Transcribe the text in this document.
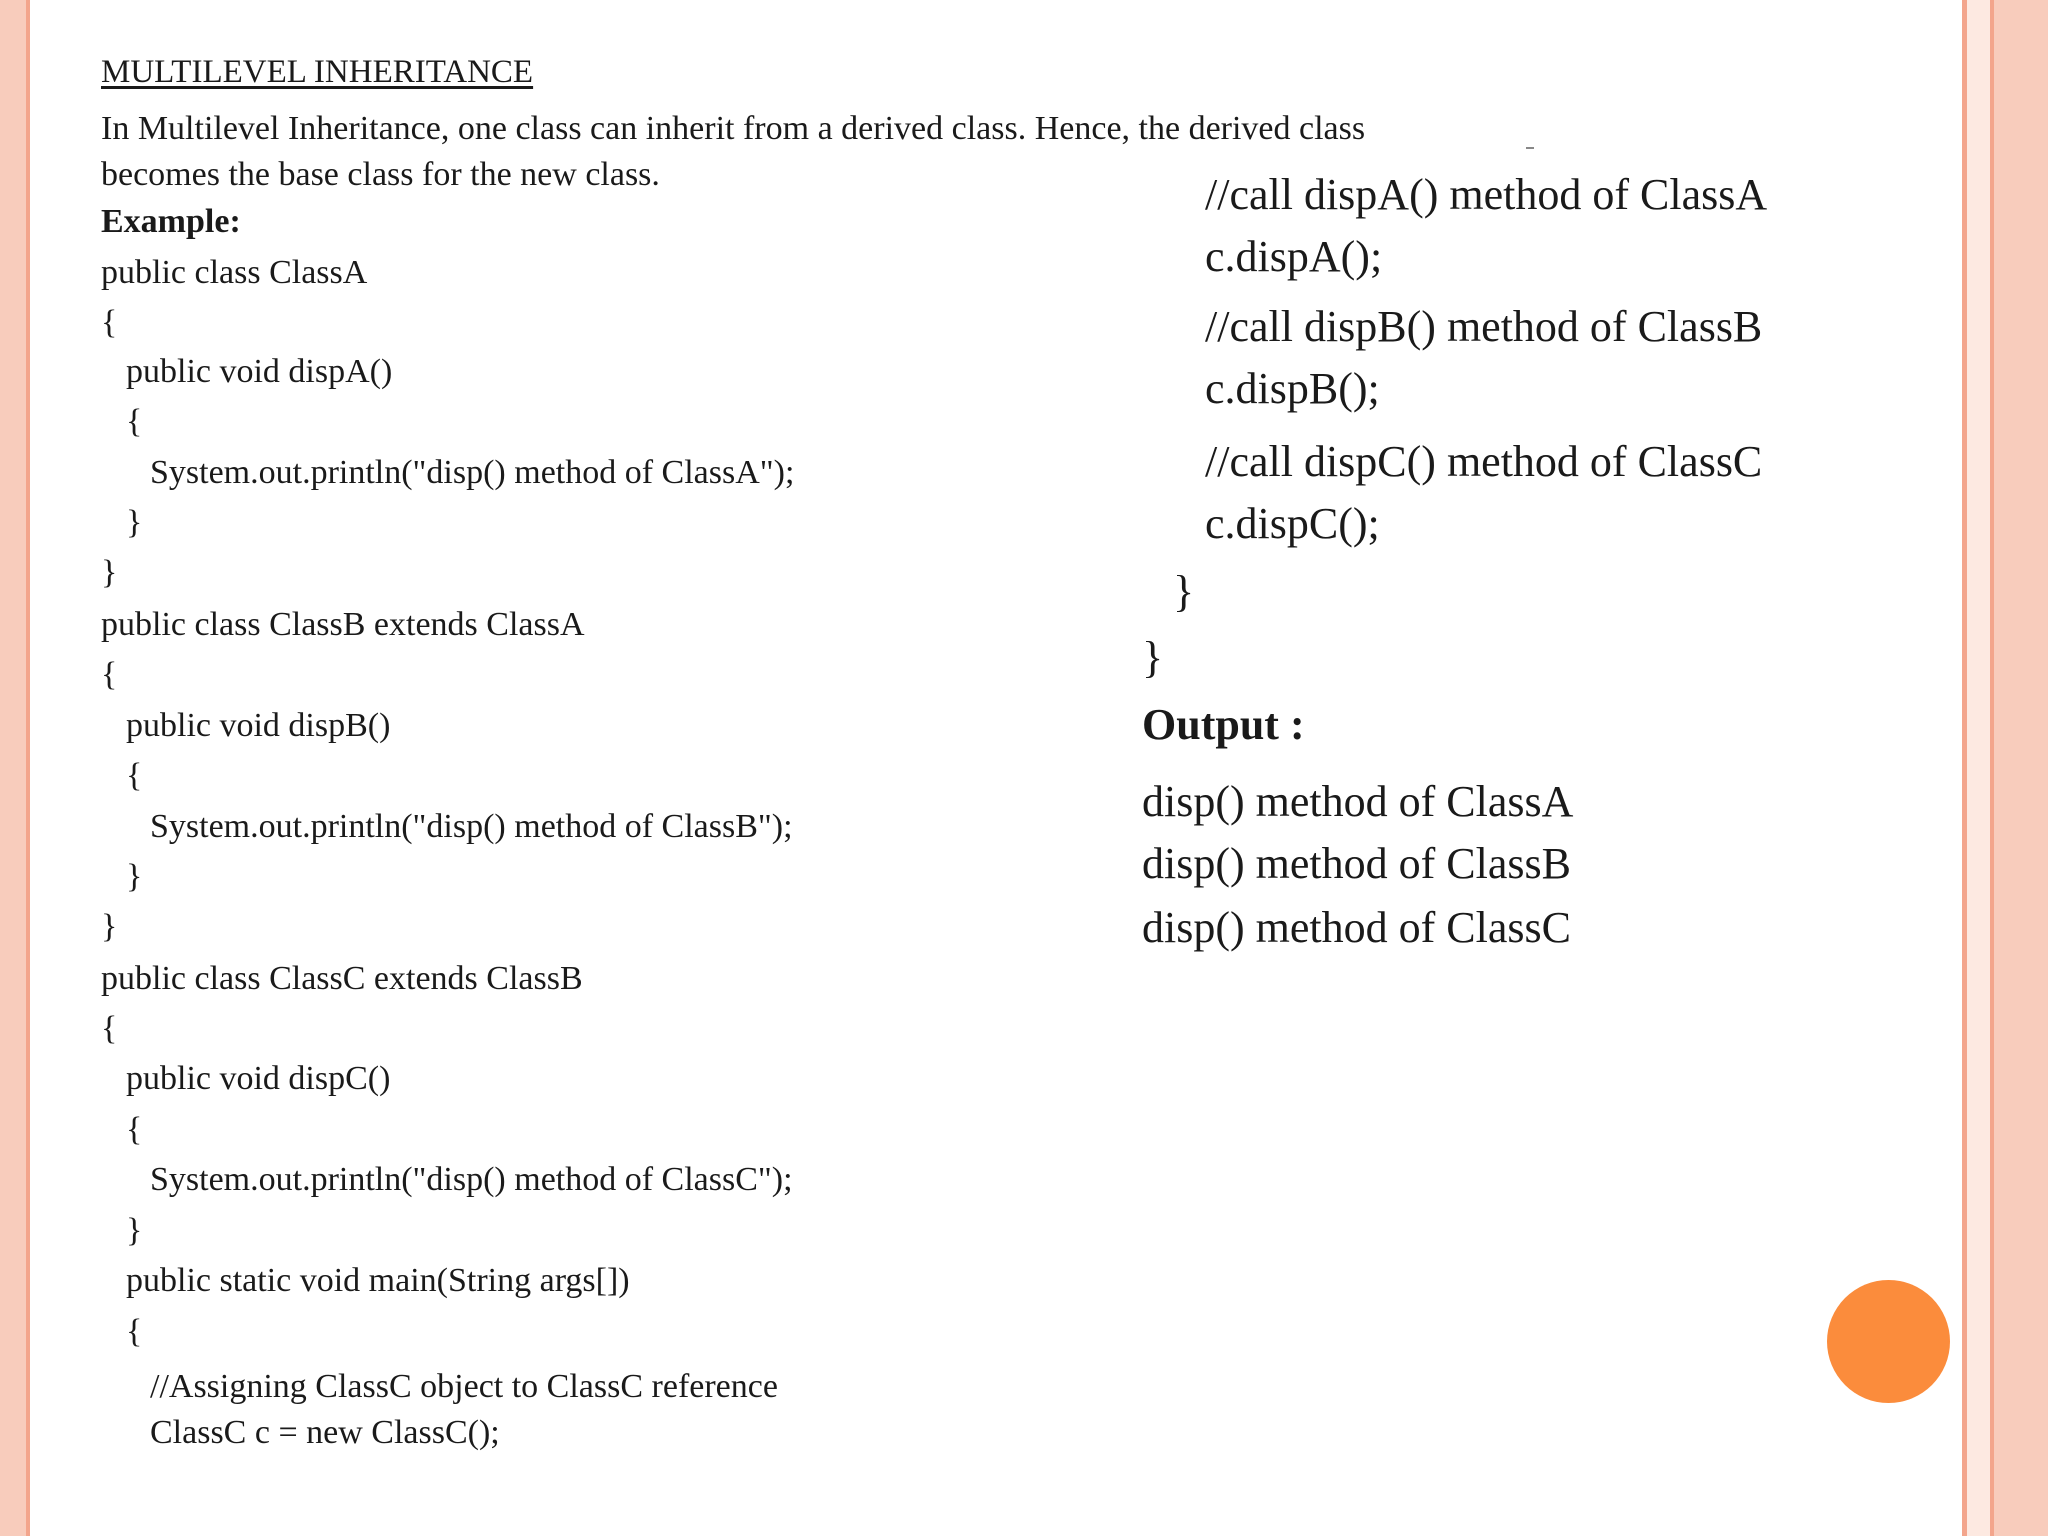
MULTILEVEL INHERITANCE
In Multilevel Inheritance, one class can inherit from a derived class. Hence, the derived class
becomes the base class for the new class.
Example:
public class ClassA
{
public void dispA()
{
System.out.println("disp() method of ClassA");
}
}
public class ClassB extends ClassA
{
public void dispB()
{
System.out.println("disp() method of ClassB");
}
}
public class ClassC extends ClassB
{
public void dispC()
{
System.out.println("disp() method of ClassC");
}
public static void main(String args[])
{
//Assigning ClassC object to ClassC reference
ClassC c = new ClassC();
//call dispA() method of ClassA
c.dispA();
//call dispB() method of ClassB
c.dispB();
//call dispC() method of ClassC
c.dispC();
}
}
Output :
disp() method of ClassA
disp() method of ClassB
disp() method of ClassC
